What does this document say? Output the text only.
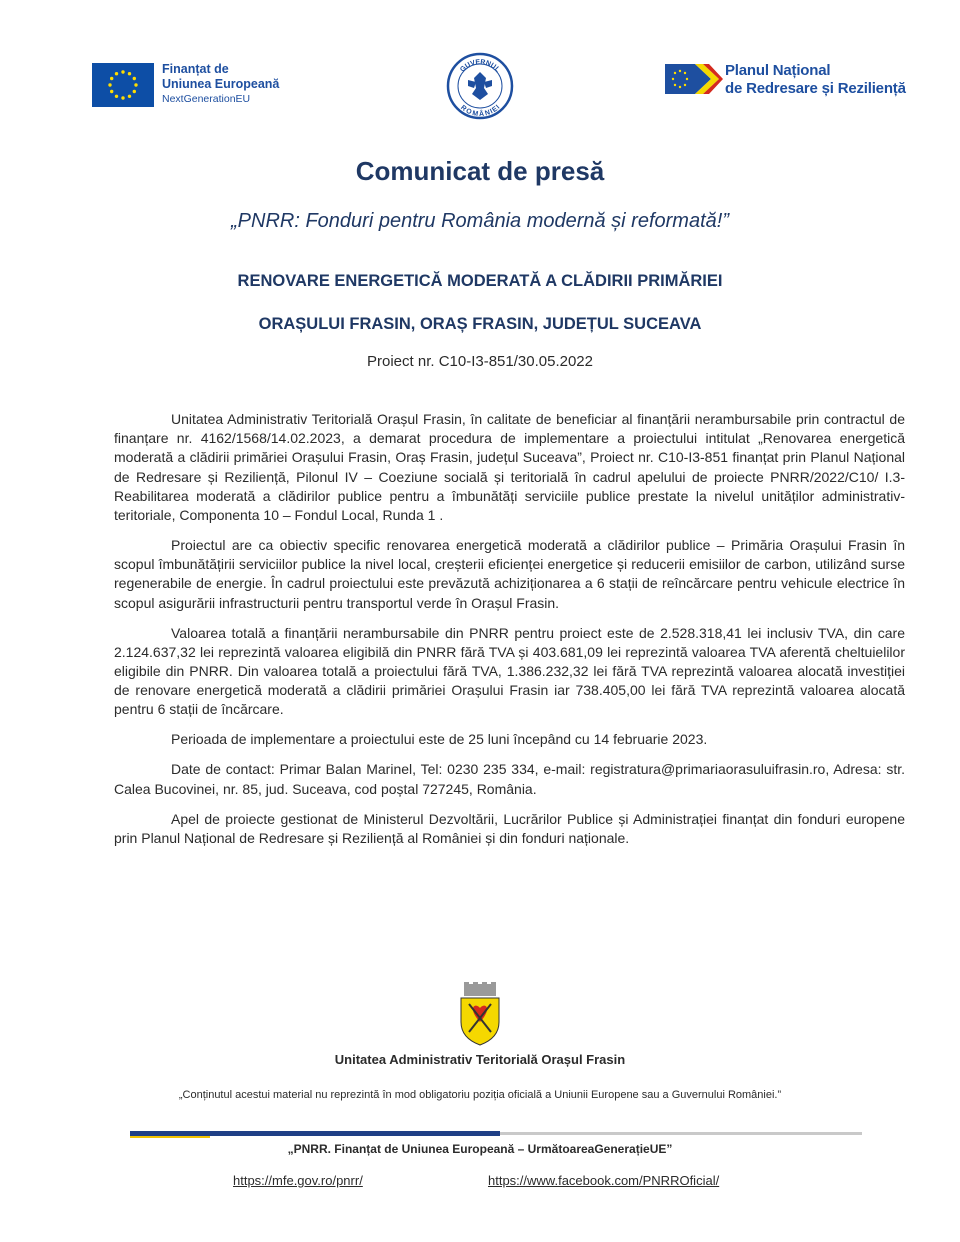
Finanțat de
Uniunea Europeană
NextGenerationEU
GUVERNUL
ROMÂNIEI
Planul Național
de Redresare și Reziliență
Comunicat de presă
„PNRR: Fonduri pentru România modernă și reformată!”
RENOVARE ENERGETICĂ MODERATĂ A CLĂDIRII PRIMĂRIEI
ORAȘULUI FRASIN, ORAȘ FRASIN, JUDEȚUL SUCEAVA
Proiect nr. C10-I3-851/30.05.2022

Unitatea Administrativ Teritorială Orașul Frasin, în calitate de beneficiar al finanțării nerambursabile prin contractul de finanțare nr. 4162/1568/14.02.2023, a demarat procedura de implementare a proiectului intitulat „Renovarea energetică moderată a clădirii primăriei Orașului Frasin, Oraș Frasin, județul Suceava”, Proiect nr. C10-I3-851 finanțat prin Planul Național de Redresare și Reziliență, Pilonul IV – Coeziune socială și teritorială în cadrul apelului de proiecte PNRR/2022/C10/ I.3- Reabilitarea moderată a clădirilor publice pentru a îmbunătăți serviciile publice prestate la nivelul unităților administrativ-teritoriale, Componenta 10 – Fondul Local, Runda 1 .

Proiectul are ca obiectiv specific renovarea energetică moderată a clădirilor publice – Primăria Orașului Frasin în scopul îmbunătățirii serviciilor publice la nivel local, creșterii eficienței energetice și reducerii emisiilor de carbon, utilizând surse regenerabile de energie. În cadrul proiectului este prevăzută achiziționarea a 6 stații de reîncărcare pentru vehicule electrice în scopul asigurării infrastructurii pentru transportul verde în Orașul Frasin.

Valoarea totală a finanțării nerambursabile din PNRR pentru proiect este de 2.528.318,41 lei inclusiv TVA, din care 2.124.637,32 lei reprezintă valoarea eligibilă din PNRR fără TVA și 403.681,09 lei reprezintă valoarea TVA aferentă cheltuielilor eligibile din PNRR. Din valoarea totală a proiectului fără TVA, 1.386.232,32 lei fără TVA reprezintă valoarea alocată investiției de renovare energetică moderată a clădirii primăriei Orașului Frasin iar 738.405,00 lei fără TVA reprezintă valoarea alocată pentru 6 stații de încărcare.

Perioada de implementare a proiectului este de 25 luni începând cu 14 februarie 2023.

Date de contact: Primar Balan Marinel, Tel: 0230 235 334, e-mail: registratura@primariaorasuluifrasin.ro, Adresa: str. Calea Bucovinei, nr. 85, jud. Suceava, cod poștal 727245, România.

Apel de proiecte gestionat de Ministerul Dezvoltării, Lucrărilor Publice și Administrației finanțat din fonduri europene prin Planul Național de Redresare și Reziliență al României și din fonduri naționale.

Unitatea Administrativ Teritorială Orașul Frasin
„Conținutul acestui material nu reprezintă în mod obligatoriu poziția oficială a Uniunii Europene sau a Guvernului României.”
„PNRR. Finanțat de Uniunea Europeană – UrmătoareaGenerațieUE”
https://mfe.gov.ro/pnrr/	https://www.facebook.com/PNRROficial/
